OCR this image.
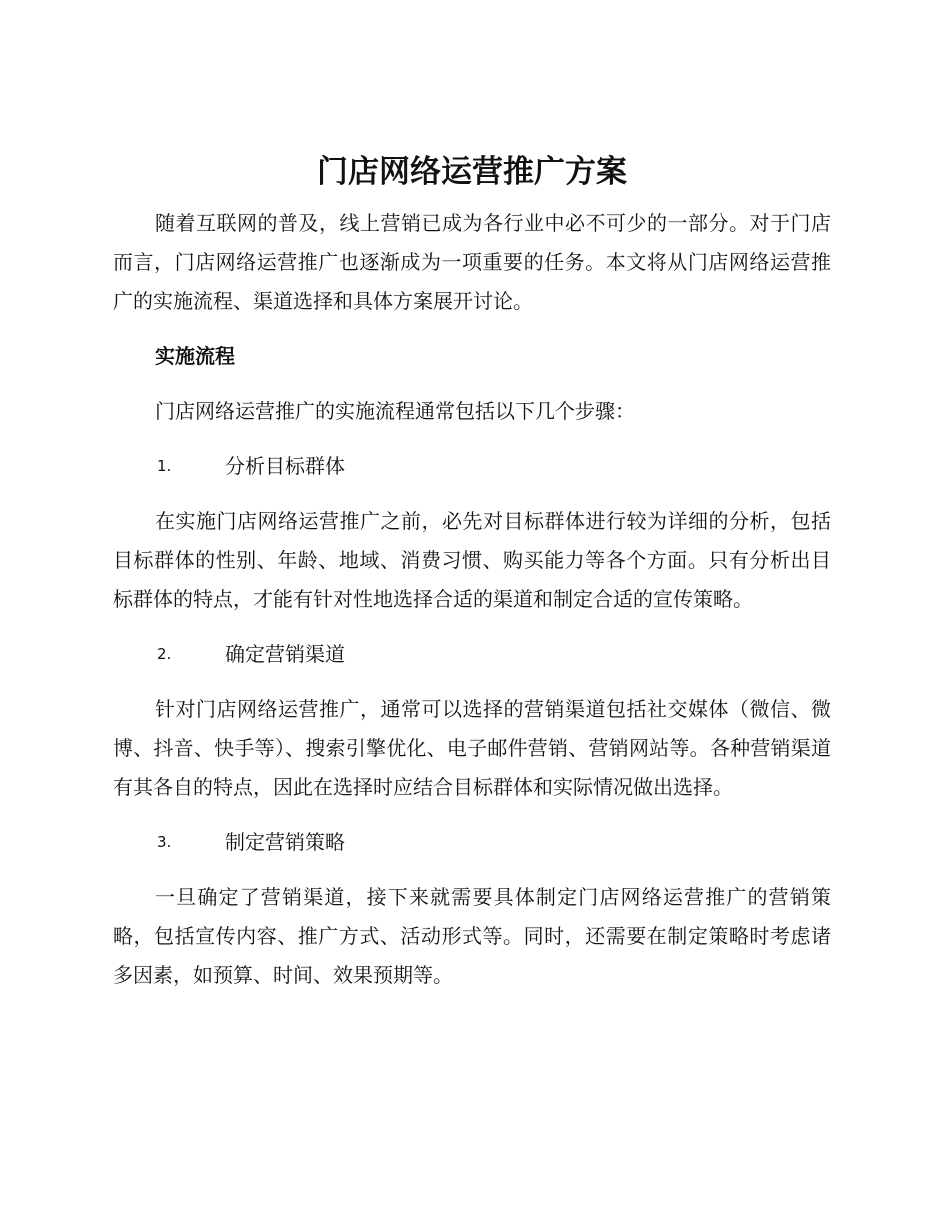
门店网络运营推广方案

随着互联网的普及，线上营销已成为各行业中必不可少的一部分。对于门店而言，门店网络运营推广也逐渐成为一项重要的任务。本文将从门店网络运营推广的实施流程、渠道选择和具体方案展开讨论。

实施流程

门店网络运营推广的实施流程通常包括以下几个步骤：

1.	分析目标群体

在实施门店网络运营推广之前，必先对目标群体进行较为详细的分析，包括目标群体的性别、年龄、地域、消费习惯、购买能力等各个方面。只有分析出目标群体的特点，才能有针对性地选择合适的渠道和制定合适的宣传策略。

2.	确定营销渠道

针对门店网络运营推广，通常可以选择的营销渠道包括社交媒体（微信、微博、抖音、快手等）、搜索引擎优化、电子邮件营销、营销网站等。各种营销渠道有其各自的特点，因此在选择时应结合目标群体和实际情况做出选择。

3.	制定营销策略

一旦确定了营销渠道，接下来就需要具体制定门店网络运营推广的营销策略，包括宣传内容、推广方式、活动形式等。同时，还需要在制定策略时考虑诸多因素，如预算、时间、效果预期等。
